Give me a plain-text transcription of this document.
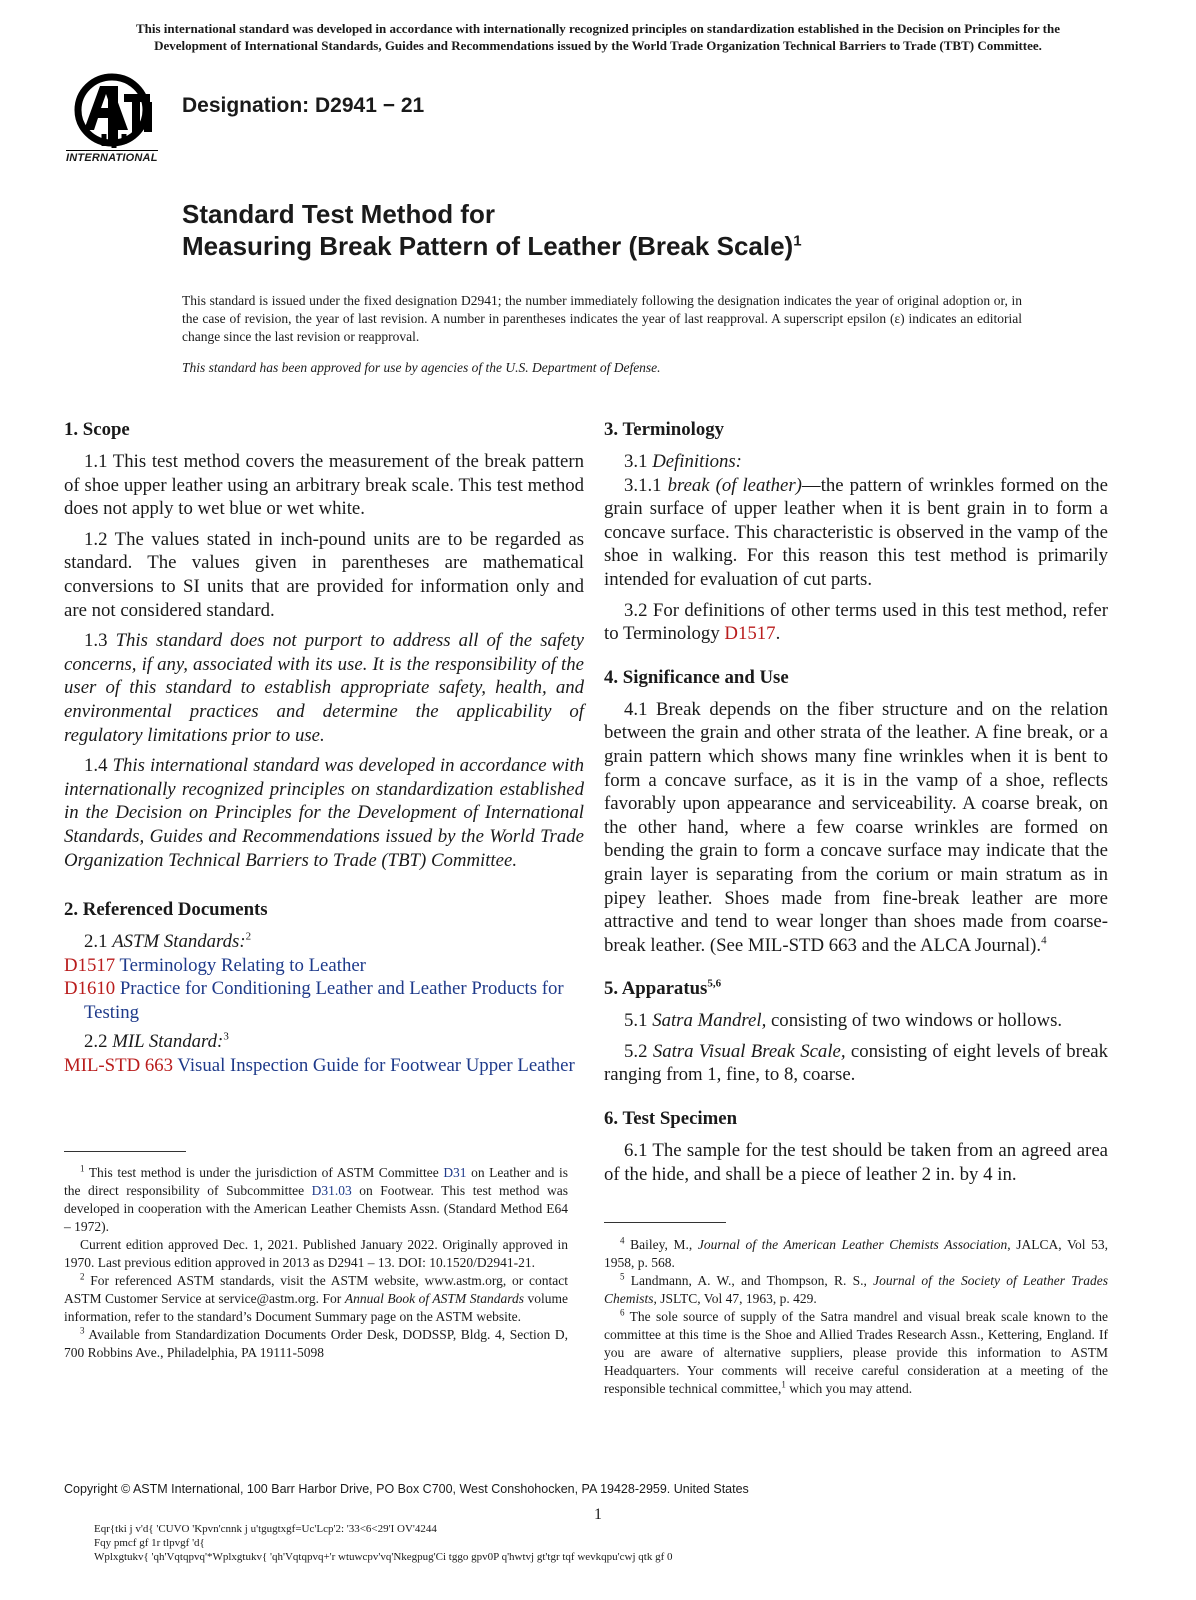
This international standard was developed in accordance with internationally recognized principles on standardization established in the Decision on Principles for the
Development of International Standards, Guides and Recommendations issued by the World Trade Organization Technical Barriers to Trade (TBT) Committee.
INTERNATIONAL
Designation: D2941 − 21
Standard Test Method for
Measuring Break Pattern of Leather (Break Scale)$^1$
This standard is issued under the fixed designation D2941; the number immediately following the designation indicates the year of original adoption or, in the case of revision, the year of last revision. A number in parentheses indicates the year of last reapproval. A superscript epsilon (ε) indicates an editorial change since the last revision or reapproval.
This standard has been approved for use by agencies of the U.S. Department of Defense.
1. Scope

1.1 This test method covers the measurement of the break pattern of shoe upper leather using an arbitrary break scale. This test method does not apply to wet blue or wet white.

1.2 The values stated in inch-pound units are to be regarded as standard. The values given in parentheses are mathematical conversions to SI units that are provided for information only and are not considered standard.

1.3 This standard does not purport to address all of the safety concerns, if any, associated with its use. It is the responsibility of the user of this standard to establish appropriate safety, health, and environmental practices and determine the applicability of regulatory limitations prior to use.

1.4 This international standard was developed in accordance with internationally recognized principles on standardization established in the Decision on Principles for the Development of International Standards, Guides and Recommendations issued by the World Trade Organization Technical Barriers to Trade (TBT) Committee.

2. Referenced Documents

2.1 ASTM Standards:$^2$

D1517 Terminology Relating to Leather
D1610 Practice for Conditioning Leather and Leather Products for Testing

2.2 MIL Standard:$^3$

MIL-STD 663 Visual Inspection Guide for Footwear Upper Leather

$^1$ This test method is under the jurisdiction of ASTM Committee D31 on Leather and is the direct responsibility of Subcommittee D31.03 on Footwear. This test method was developed in cooperation with the American Leather Chemists Assn. (Standard Method E64 – 1972).

Current edition approved Dec. 1, 2021. Published January 2022. Originally approved in 1970. Last previous edition approved in 2013 as D2941 – 13. DOI: 10.1520/D2941-21.

$^2$ For referenced ASTM standards, visit the ASTM website, www.astm.org, or contact ASTM Customer Service at service@astm.org. For Annual Book of ASTM Standards volume information, refer to the standard’s Document Summary page on the ASTM website.

$^3$ Available from Standardization Documents Order Desk, DODSSP, Bldg. 4, Section D, 700 Robbins Ave., Philadelphia, PA 19111-5098

3. Terminology

3.1 Definitions:

3.1.1 break (of leather)—the pattern of wrinkles formed on the grain surface of upper leather when it is bent grain in to form a concave surface. This characteristic is observed in the vamp of the shoe in walking. For this reason this test method is primarily intended for evaluation of cut parts.

3.2 For definitions of other terms used in this test method, refer to Terminology D1517.

4. Significance and Use

4.1 Break depends on the fiber structure and on the relation between the grain and other strata of the leather. A fine break, or a grain pattern which shows many fine wrinkles when it is bent to form a concave surface, as it is in the vamp of a shoe, reflects favorably upon appearance and serviceability. A coarse break, on the other hand, where a few coarse wrinkles are formed on bending the grain to form a concave surface may indicate that the grain layer is separating from the corium or main stratum as in pipey leather. Shoes made from fine-break leather are more attractive and tend to wear longer than shoes made from coarse-break leather. (See MIL-STD 663 and the ALCA Journal).$^4$

5. Apparatus$^{5,6}$

5.1 Satra Mandrel, consisting of two windows or hollows.

5.2 Satra Visual Break Scale, consisting of eight levels of break ranging from 1, fine, to 8, coarse.

6. Test Specimen

6.1 The sample for the test should be taken from an agreed area of the hide, and shall be a piece of leather 2 in. by 4 in.

$^4$ Bailey, M., Journal of the American Leather Chemists Association, JALCA, Vol 53, 1958, p. 568.

$^5$ Landmann, A. W., and Thompson, R. S., Journal of the Society of Leather Trades Chemists, JSLTC, Vol 47, 1963, p. 429.

$^6$ The sole source of supply of the Satra mandrel and visual break scale known to the committee at this time is the Shoe and Allied Trades Research Assn., Kettering, England. If you are aware of alternative suppliers, please provide this information to ASTM Headquarters. Your comments will receive careful consideration at a meeting of the responsible technical committee,$^1$ which you may attend.

Copyright © ASTM International, 100 Barr Harbor Drive, PO Box C700, West Conshohocken, PA 19428-2959. United States
1
Eqr{tki j v'd{ 'CUVO 'Kpvn'cnnk j u'tgugtxgf=Uc'Lcp'2: '33<6<29'I OV'4244
Fqy pmcf gf 1r tlpvgf 'd{
Wplxgtukv{ 'qh'Vqtqpvq'*Wplxgtukv{ 'qh'Vqtqpvq+'r wtuwcpv'vq'Nkegpug'Ci tggo gpv0P q'hwtvj gt'tgr tqf wevkqpu'cwj qtk gf 0
